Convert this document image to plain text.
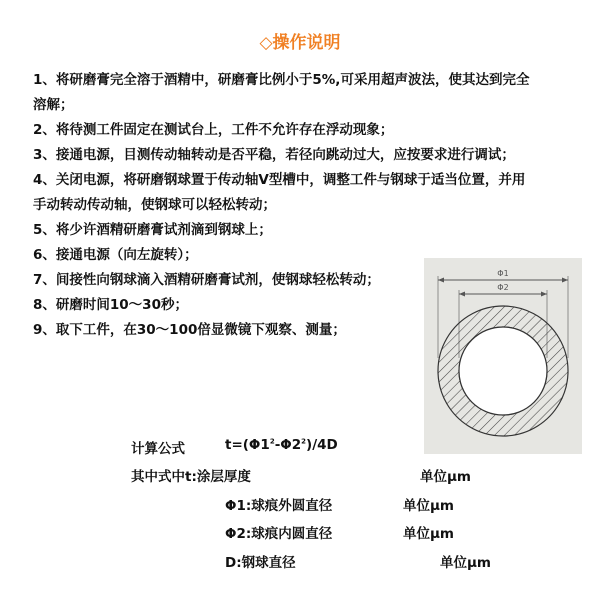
◇操作说明
1、将研磨膏完全溶于酒精中，研磨膏比例小于5%,可采用超声波法，使其达到完全溶解；
2、将待测工件固定在测试台上，工件不允许存在浮动现象；
3、接通电源，目测传动轴转动是否平稳，若径向跳动过大，应按要求进行调试；
4、关闭电源，将研磨钢球置于传动轴V型槽中，调整工件与钢球于适当位置，并用手动转动传动轴，使钢球可以轻松转动；
5、将少许酒精研磨膏试剂滴到钢球上；
6、接通电源（向左旋转）；
7、间接性向钢球滴入酒精研磨膏试剂，使钢球轻松转动；
8、研磨时间10～30秒；
9、取下工件，在30～100倍显微镜下观察、测量；
Φ1
Φ2
计算公式	$t=(\Phi 1^2-\Phi 2^2)/4D$
其中式中t:涂层厚度	单位μm
Φ1:球痕外圆直径	单位μm
Φ2:球痕内圆直径	单位μm
D:钢球直径	单位μm
